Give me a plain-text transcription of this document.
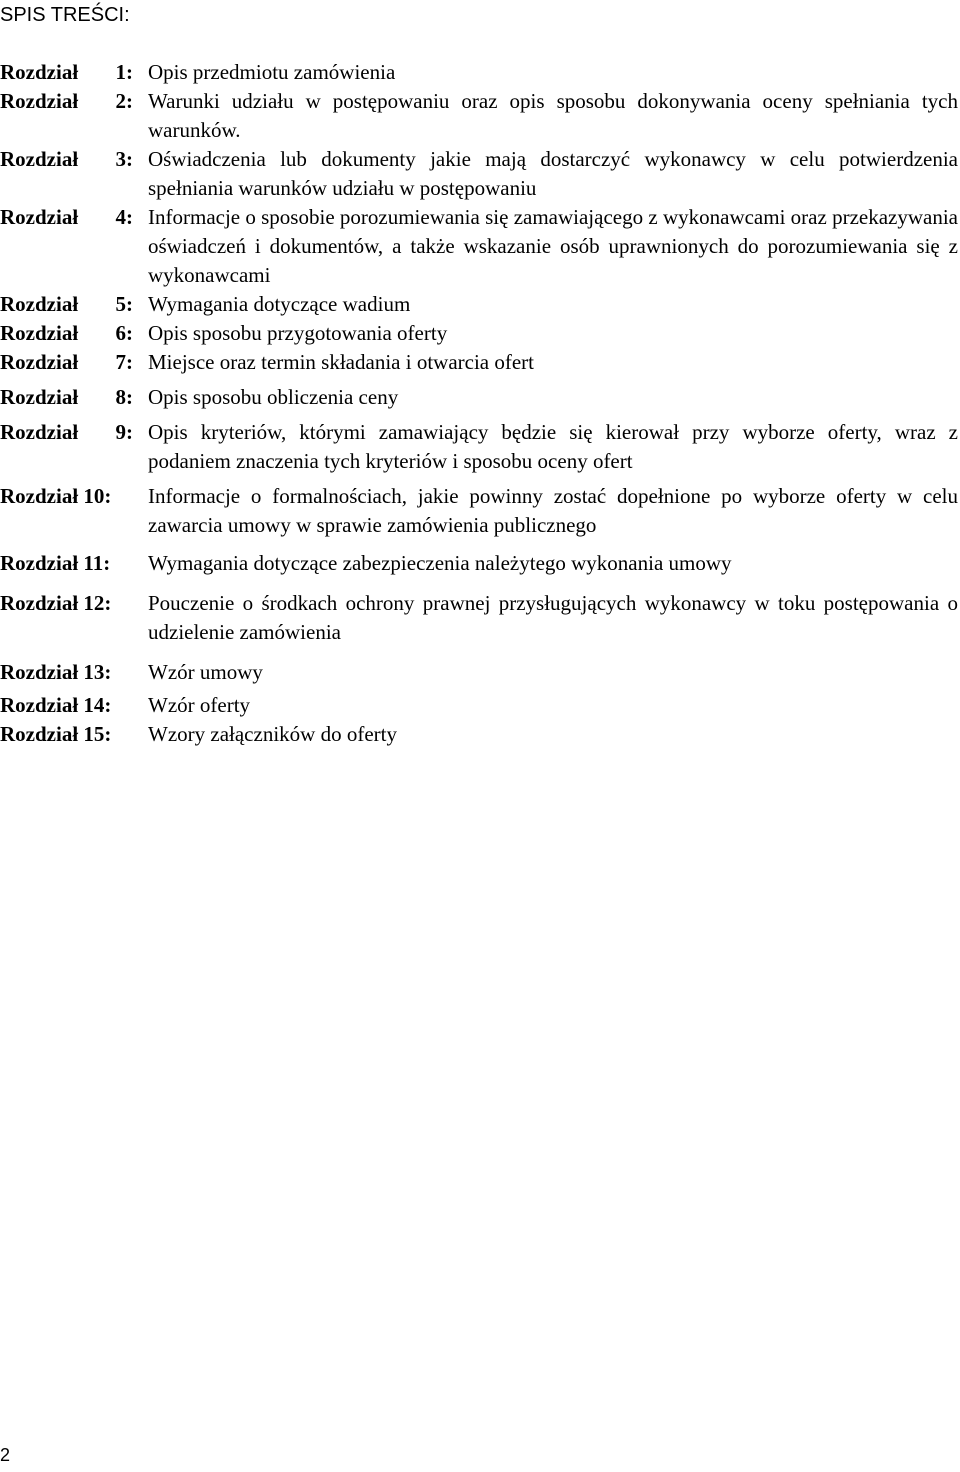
SPIS TREŚCI:
Rozdział 1: Opis przedmiotu zamówienia
Rozdział 2: Warunki udziału w postępowaniu oraz opis sposobu dokonywania oceny spełniania tych warunków.
Rozdział 3: Oświadczenia lub dokumenty jakie mają dostarczyć wykonawcy w celu potwierdzenia spełniania warunków udziału w postępowaniu
Rozdział 4: Informacje o sposobie porozumiewania się zamawiającego z wykonawcami oraz przekazywania oświadczeń i dokumentów, a także wskazanie osób uprawnionych do porozumiewania się z wykonawcami
Rozdział 5: Wymagania dotyczące wadium
Rozdział 6: Opis sposobu przygotowania oferty
Rozdział 7: Miejsce oraz termin składania i otwarcia ofert
Rozdział 8: Opis sposobu obliczenia ceny
Rozdział 9: Opis kryteriów, którymi zamawiający będzie się kierował przy wyborze oferty, wraz z podaniem znaczenia tych kryteriów i sposobu oceny ofert
Rozdział
10: Informacje o formalnościach, jakie powinny zostać dopełnione po wyborze oferty w celu zawarcia umowy w sprawie zamówienia publicznego
Rozdział
11: Wymagania dotyczące zabezpieczenia należytego wykonania umowy
Rozdział
12: Pouczenie o środkach ochrony prawnej przysługujących wykonawcy w toku postępowania o udzielenie zamówienia
Rozdział
13: Wzór umowy
Rozdział
14: Wzór oferty
Rozdział
15: Wzory załączników do oferty
2
